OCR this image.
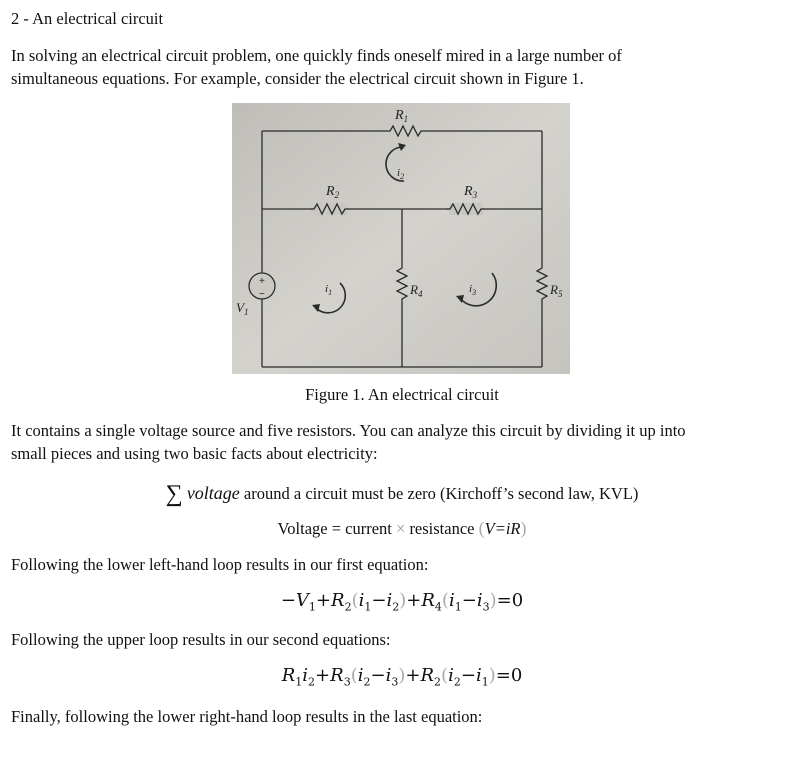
2 - An electrical circuit
In solving an electrical circuit problem, one quickly finds oneself mired in a large number of
simultaneous equations. For example, consider the electrical circuit shown in Figure 1.
$R_1$
$R_2$	$R_3$
$R_4$	$R_5$
$V_1$
$i_2$
$i_1$	$i_3$
+
−
Figure 1. An electrical circuit
It contains a single voltage source and five resistors. You can analyze this circuit by dividing it up into
small pieces and using two basic facts about electricity:
∑ voltage around a circuit must be zero (Kirchoff’s second law, KVL)
Voltage = current × resistance (V=iR)
Following the lower left-hand loop results in our first equation:
$-V_1+R_2(i_1-i_2)+R_4(i_1-i_3)=0$
Following the upper loop results in our second equations:
$R_1i_2+R_3(i_2-i_3)+R_2(i_2-i_1)=0$
Finally, following the lower right-hand loop results in the last equation:
